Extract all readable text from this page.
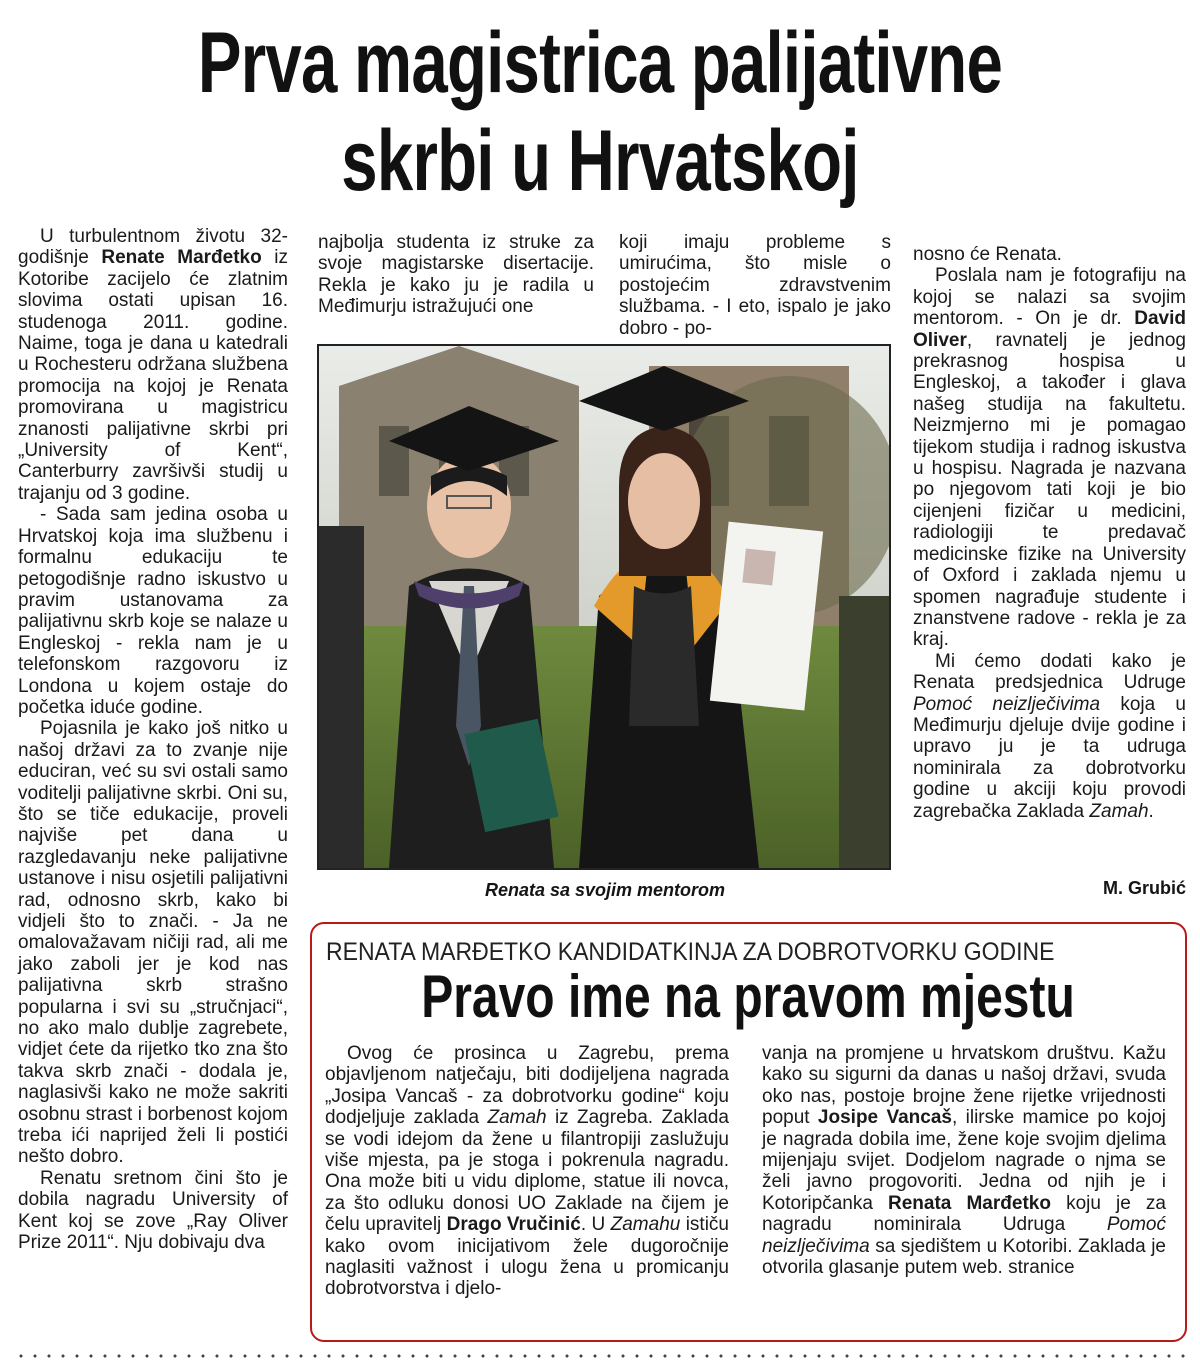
Prva magistrica palijativne
skrbi u Hrvatskoj

U turbulentnom životu 32-godišnje Renate Marđetko iz Kotoribe zacijelo će zlatnim slovima ostati upisan 16. studenoga 2011. godine. Naime, toga je dana u katedrali u Rochesteru održana službena promocija na kojoj je Renata promovirana u magistricu znanosti palijativne skrbi pri „University of Kent“, Canterburry završivši studij u trajanju od 3 godine.

- Sada sam jedina osoba u Hrvatskoj koja ima službenu i formalnu edukaciju te petogodišnje radno iskustvo u pravim ustanovama za palijativnu skrb koje se nalaze u Engleskoj - rekla nam je u telefonskom razgovoru iz Londona u kojem ostaje do početka iduće godine.

Pojasnila je kako još nitko u našoj državi za to zvanje nije educiran, već su svi ostali samo voditelji palijativne skrbi. Oni su, što se tiče edukacije, proveli najviše pet dana u razgledavanju neke palijativne ustanove i nisu osjetili palijativni rad, odnosno skrb, kako bi vidjeli što to znači. - Ja ne omalovažavam ničiji rad, ali me jako zaboli jer je kod nas palijativna skrb strašno popularna i svi su „stručnjaci“, no ako malo dublje zagrebete, vidjet ćete da rijetko tko zna što takva skrb znači - dodala je, naglasivši kako ne može sakriti osobnu strast i borbenost kojom treba ići naprijed želi li postići nešto dobro.

Renatu sretnom čini što je dobila nagradu University of Kent koj se zove „Ray Oliver Prize 2011“. Nju dobivaju dva

najbolja studenta iz struke za svoje magistarske disertacije. Rekla je kako ju je radila u Međimurju istražujući one

koji imaju probleme s umirućima, što misle o postojećim zdravstvenim službama. - I eto, ispalo je jako dobro - po-

Renata sa svojim mentorom

nosno će Renata.

Poslala nam je fotografiju na kojoj se nalazi sa svojim mentorom. - On je dr. David Oliver, ravnatelj je jednog prekrasnog hospisa u Engleskoj, a također i glava našeg studija na fakultetu. Neizmjerno mi je pomagao tijekom studija i radnog iskustva u hospisu. Nagrada je nazvana po njegovom tati koji je bio cijenjeni fizičar u medicini, radiologiji te predavač medicinske fizike na University of Oxford i zaklada njemu u spomen nagrađuje studente i znanstvene radove - rekla je za kraj.

Mi ćemo dodati kako je Renata predsjednica Udruge Pomoć neizlječivima koja u Međimurju djeluje dvije godine i upravo ju je ta udruga nominirala za dobrotvorku godine u akciji koju provodi zagrebačka Zaklada Zamah.

M. Grubić
RENATA MARĐETKO KANDIDATKINJA ZA DOBROTVORKU GODINE
Pravo ime na pravom mjestu

Ovog će prosinca u Zagrebu, prema objavljenom natječaju, biti dodijeljena nagrada „Josipa Vancaš - za dobrotvorku godine“ koju dodjeljuje zaklada Zamah iz Zagreba. Zaklada se vodi idejom da žene u filantropiji zaslužuju više mjesta, pa je stoga i pokrenula nagradu. Ona može biti u vidu diplome, statue ili novca, za što odluku donosi UO Zaklade na čijem je čelu upravitelj Drago Vručinić. U Zamahu ističu kako ovom inicijativom žele dugoročnije naglasiti važnost i ulogu žena u promicanju dobrotvorstva i djelo-

vanja na promjene u hrvatskom društvu. Kažu kako su sigurni da danas u našoj državi, svuda oko nas, postoje brojne žene rijetke vrijednosti poput Josipe Vancaš, ilirske mamice po kojoj je nagrada dobila ime, žene koje svojim djelima mijenjaju svijet. Dodjelom nagrade o njma se želi javno progovoriti. Jedna od njih je i Kotoripčanka Renata Marđetko koju je za nagradu nominirala Udruga Pomoć neizlječivima sa sjedištem u Kotoribi. Zaklada je otvorila glasanje putem web. stranice
